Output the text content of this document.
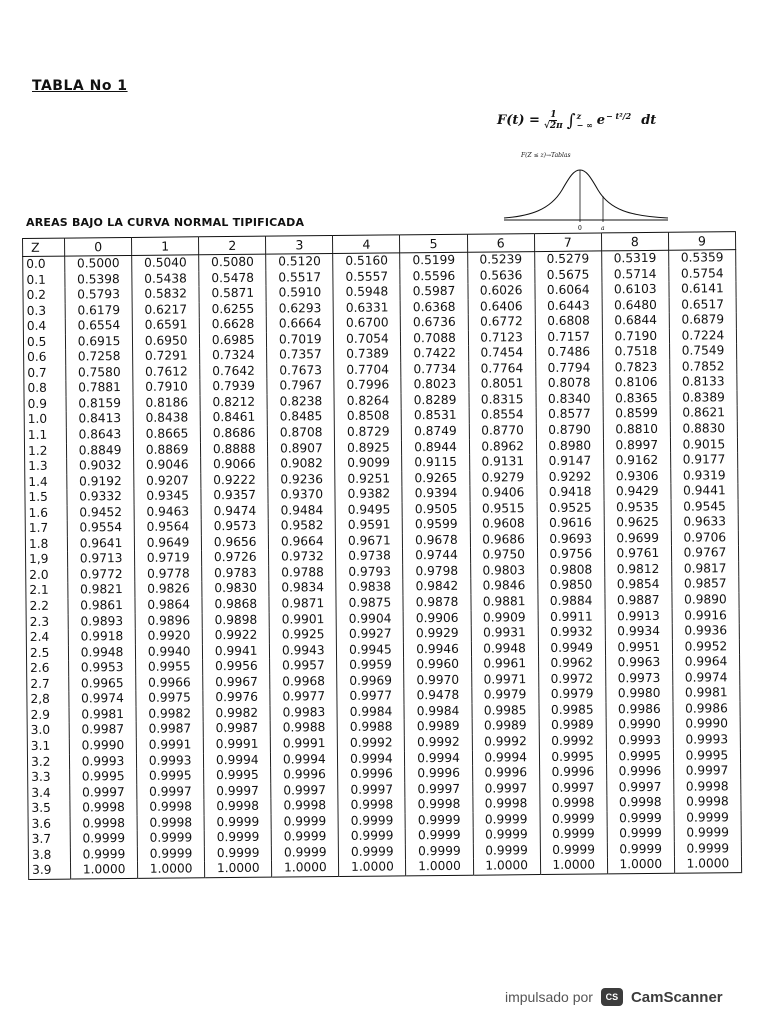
TABLA No 1
$F(t) = \frac{1}{√2\pi}$ ∫ z
− ∞ $e^{- t^2/2}$ dt
F(Z ≤ z)→Tablas
0	a
AREAS BAJO LA CURVA NORMAL TIPIFICADA
Z	0	1	2	3	4	5	6	7	8	9
0.0	0.5000	0.5040	0.5080	0.5120	0.5160	0.5199	0.5239	0.5279	0.5319	0.5359
0.1	0.5398	0.5438	0.5478	0.5517	0.5557	0.5596	0.5636	0.5675	0.5714	0.5754
0.2	0.5793	0.5832	0.5871	0.5910	0.5948	0.5987	0.6026	0.6064	0.6103	0.6141
0.3	0.6179	0.6217	0.6255	0.6293	0.6331	0.6368	0.6406	0.6443	0.6480	0.6517
0.4	0.6554	0.6591	0.6628	0.6664	0.6700	0.6736	0.6772	0.6808	0.6844	0.6879
0.5	0.6915	0.6950	0.6985	0.7019	0.7054	0.7088	0.7123	0.7157	0.7190	0.7224
0.6	0.7258	0.7291	0.7324	0.7357	0.7389	0.7422	0.7454	0.7486	0.7518	0.7549
0.7	0.7580	0.7612	0.7642	0.7673	0.7704	0.7734	0.7764	0.7794	0.7823	0.7852
0.8	0.7881	0.7910	0.7939	0.7967	0.7996	0.8023	0.8051	0.8078	0.8106	0.8133
0.9	0.8159	0.8186	0.8212	0.8238	0.8264	0.8289	0.8315	0.8340	0.8365	0.8389
1.0	0.8413	0.8438	0.8461	0.8485	0.8508	0.8531	0.8554	0.8577	0.8599	0.8621
1.1	0.8643	0.8665	0.8686	0.8708	0.8729	0.8749	0.8770	0.8790	0.8810	0.8830
1.2	0.8849	0.8869	0.8888	0.8907	0.8925	0.8944	0.8962	0.8980	0.8997	0.9015
1.3	0.9032	0.9046	0.9066	0.9082	0.9099	0.9115	0.9131	0.9147	0.9162	0.9177
1.4	0.9192	0.9207	0.9222	0.9236	0.9251	0.9265	0.9279	0.9292	0.9306	0.9319
1.5	0.9332	0.9345	0.9357	0.9370	0.9382	0.9394	0.9406	0.9418	0.9429	0.9441
1.6	0.9452	0.9463	0.9474	0.9484	0.9495	0.9505	0.9515	0.9525	0.9535	0.9545
1.7	0.9554	0.9564	0.9573	0.9582	0.9591	0.9599	0.9608	0.9616	0.9625	0.9633
1.8	0.9641	0.9649	0.9656	0.9664	0.9671	0.9678	0.9686	0.9693	0.9699	0.9706
1,9	0.9713	0.9719	0.9726	0.9732	0.9738	0.9744	0.9750	0.9756	0.9761	0.9767
2.0	0.9772	0.9778	0.9783	0.9788	0.9793	0.9798	0.9803	0.9808	0.9812	0.9817
2.1	0.9821	0.9826	0.9830	0.9834	0.9838	0.9842	0.9846	0.9850	0.9854	0.9857
2.2	0.9861	0.9864	0.9868	0.9871	0.9875	0.9878	0.9881	0.9884	0.9887	0.9890
2.3	0.9893	0.9896	0.9898	0.9901	0.9904	0.9906	0.9909	0.9911	0.9913	0.9916
2.4	0.9918	0.9920	0.9922	0.9925	0.9927	0.9929	0.9931	0.9932	0.9934	0.9936
2.5	0.9948	0.9940	0.9941	0.9943	0.9945	0.9946	0.9948	0.9949	0.9951	0.9952
2.6	0.9953	0.9955	0.9956	0.9957	0.9959	0.9960	0.9961	0.9962	0.9963	0.9964
2.7	0.9965	0.9966	0.9967	0.9968	0.9969	0.9970	0.9971	0.9972	0.9973	0.9974
2,8	0.9974	0.9975	0.9976	0.9977	0.9977	0.9478	0.9979	0.9979	0.9980	0.9981
2.9	0.9981	0.9982	0.9982	0.9983	0.9984	0.9984	0.9985	0.9985	0.9986	0.9986
3.0	0.9987	0.9987	0.9987	0.9988	0.9988	0.9989	0.9989	0.9989	0.9990	0.9990
3.1	0.9990	0.9991	0.9991	0.9991	0.9992	0.9992	0.9992	0.9992	0.9993	0.9993
3.2	0.9993	0.9993	0.9994	0.9994	0.9994	0.9994	0.9994	0.9995	0.9995	0.9995
3.3	0.9995	0.9995	0.9995	0.9996	0.9996	0.9996	0.9996	0.9996	0.9996	0.9997
3.4	0.9997	0.9997	0.9997	0.9997	0.9997	0.9997	0.9997	0.9997	0.9997	0.9998
3.5	0.9998	0.9998	0.9998	0.9998	0.9998	0.9998	0.9998	0.9998	0.9998	0.9998
3.6	0.9998	0.9998	0.9999	0.9999	0.9999	0.9999	0.9999	0.9999	0.9999	0.9999
3.7	0.9999	0.9999	0.9999	0.9999	0.9999	0.9999	0.9999	0.9999	0.9999	0.9999
3.8	0.9999	0.9999	0.9999	0.9999	0.9999	0.9999	0.9999	0.9999	0.9999	0.9999
3.9	1.0000	1.0000	1.0000	1.0000	1.0000	1.0000	1.0000	1.0000	1.0000	1.0000
impulsado por	CS CamScanner
